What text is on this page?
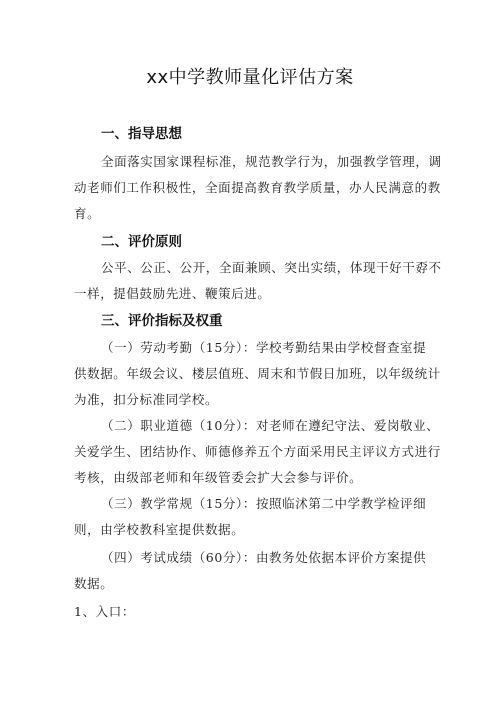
xx中学教师量化评估方案
一、指导思想
全面落实国家课程标准，规范教学行为，加强教学管理，调
动老师们工作积极性，全面提高教育教学质量，办人民满意的教
育。
二、评价原则
公平、公正、公开，全面兼顾、突出实绩，体现干好干孬不
一样，提倡鼓励先进、鞭策后进。
三、评价指标及权重
（一）劳动考勤（15分）：学校考勤结果由学校督查室提
供数据。年级会议、楼层值班、周末和节假日加班，以年级统计
为准，扣分标准同学校。
（二）职业道德（10分）：对老师在遵纪守法、爱岗敬业、
关爱学生、团结协作、师德修养五个方面采用民主评议方式进行
考核，由级部老师和年级管委会扩大会参与评价。
（三）教学常规（15分）：按照临沭第二中学教学检评细
则，由学校教科室提供数据。
（四）考试成绩（60分）：由教务处依据本评价方案提供
数据。
1、入口：
